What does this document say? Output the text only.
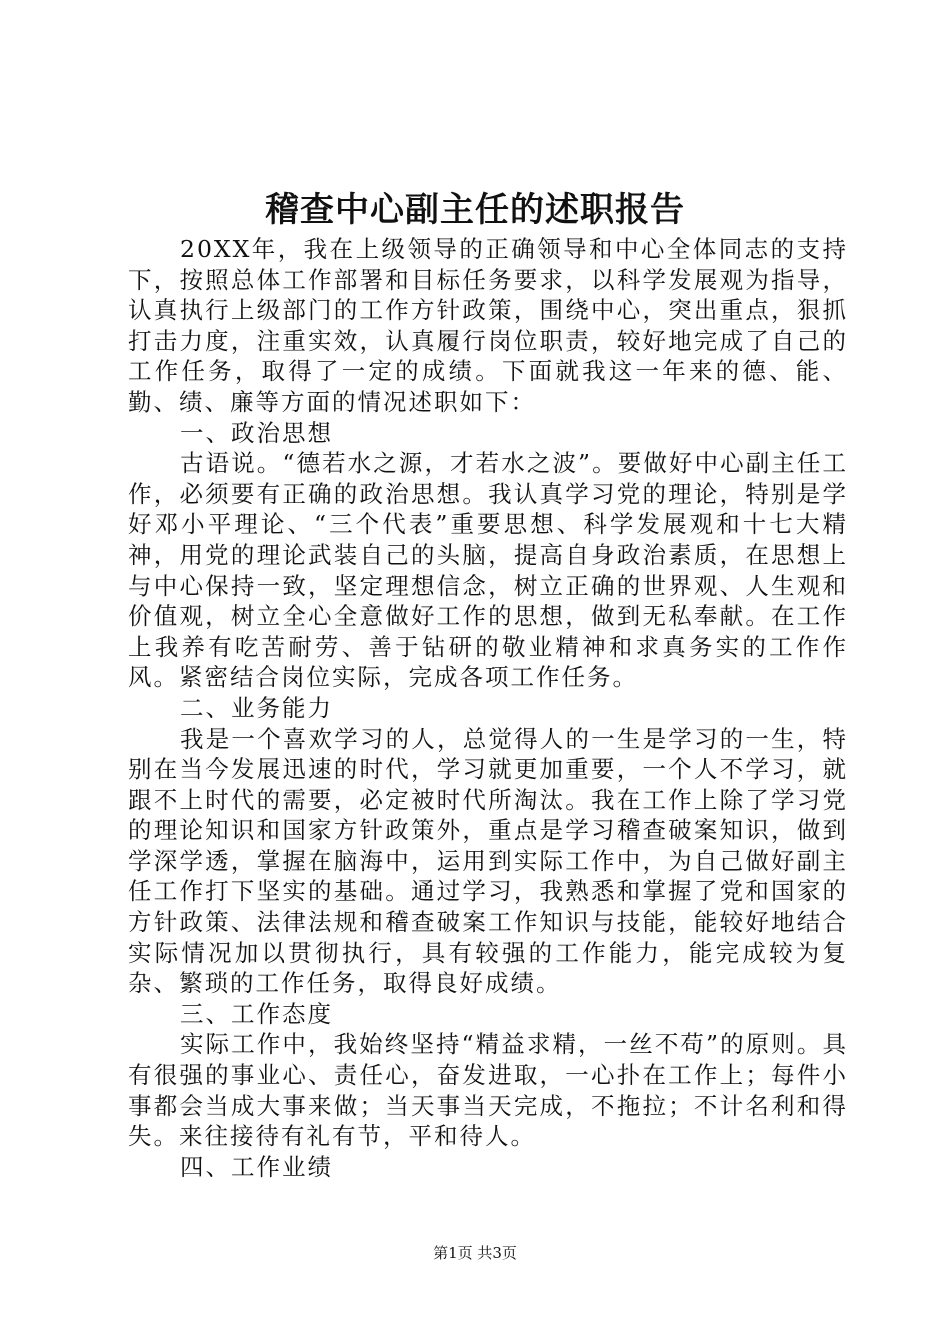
稽查中心副主任的述职报告

20XX年，我在上级领导的正确领导和中心全体同志的支持下，按照总体工作部署和目标任务要求，以科学发展观为指导，认真执行上级部门的工作方针政策，围绕中心，突出重点，狠抓打击力度，注重实效，认真履行岗位职责，较好地完成了自己的工作任务，取得了一定的成绩。下面就我这一年来的德、能、勤、绩、廉等方面的情况述职如下：

一、政治思想

古语说。“德若水之源，才若水之波”。要做好中心副主任工作，必须要有正确的政治思想。我认真学习党的理论，特别是学好邓小平理论、“三个代表”重要思想、科学发展观和十七大精神，用党的理论武装自己的头脑，提高自身政治素质，在思想上与中心保持一致，坚定理想信念，树立正确的世界观、人生观和价值观，树立全心全意做好工作的思想，做到无私奉献。在工作上我养有吃苦耐劳、善于钻研的敬业精神和求真务实的工作作风。紧密结合岗位实际，完成各项工作任务。

二、业务能力

我是一个喜欢学习的人，总觉得人的一生是学习的一生，特别在当今发展迅速的时代，学习就更加重要，一个人不学习，就跟不上时代的需要，必定被时代所淘汰。我在工作上除了学习党的理论知识和国家方针政策外，重点是学习稽查破案知识，做到学深学透，掌握在脑海中，运用到实际工作中，为自己做好副主任工作打下坚实的基础。通过学习，我熟悉和掌握了党和国家的方针政策、法律法规和稽查破案工作知识与技能，能较好地结合实际情况加以贯彻执行，具有较强的工作能力，能完成较为复杂、繁琐的工作任务，取得良好成绩。

三、工作态度

实际工作中，我始终坚持“精益求精，一丝不苟”的原则。具有很强的事业心、责任心，奋发进取，一心扑在工作上；每件小事都会当成大事来做；当天事当天完成，不拖拉；不计名利和得失。来往接待有礼有节，平和待人。

四、工作业绩

第1页 共3页
